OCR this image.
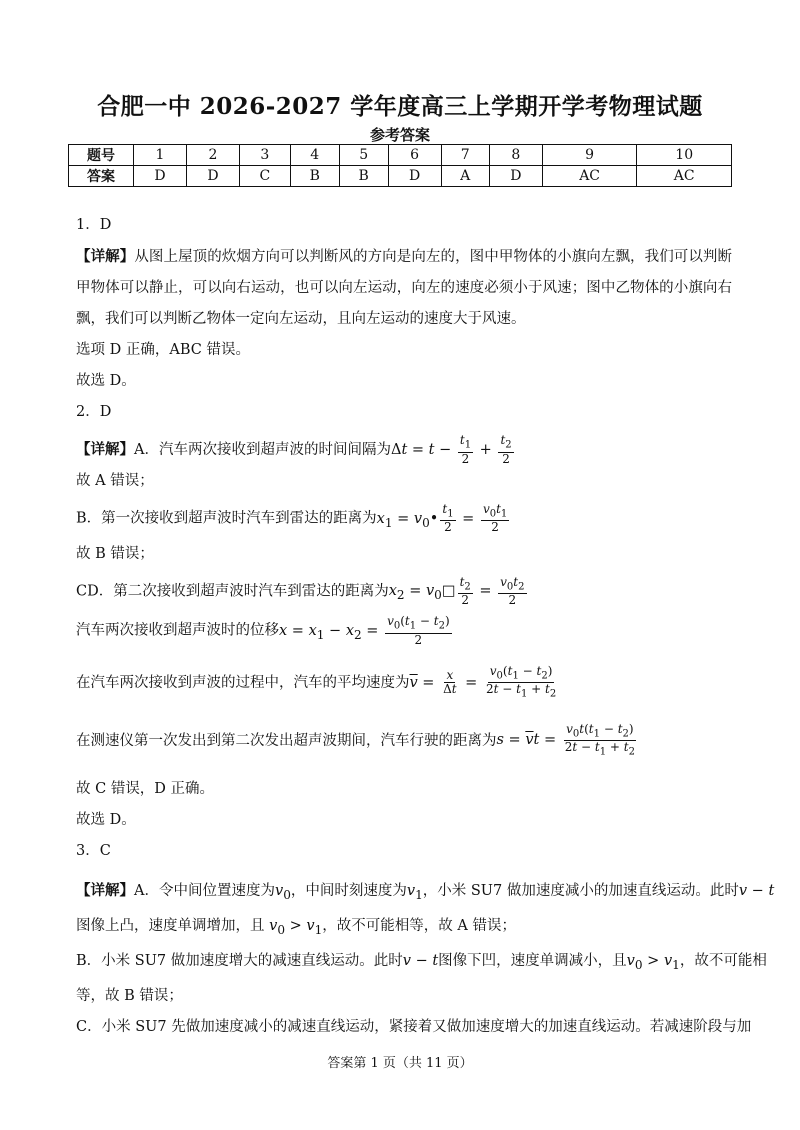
合肥一中 2026-2027 学年度高三上学期开学考物理试题
参考答案
题号	1	2	3	4	5	6	7	8	9	10
答案	D	D	C	B	B	D	A	D	AC	AC
1．D
【详解】从图上屋顶的炊烟方向可以判断风的方向是向左的，图中甲物体的小旗向左飘，我们可以判断甲物体可以静止，可以向右运动，也可以向左运动，向左的速度必须小于风速；图中乙物体的小旗向右飘，我们可以判断乙物体一定向左运动，且向左运动的速度大于风速。
选项 D 正确，ABC 错误。
故选 D。
2．D
【详解】A．汽车两次接收到超声波的时间间隔为$\Delta t = t - \frac{t_1}{2} + \frac{t_2}{2}$
故 A 错误；
B．第一次接收到超声波时汽车到雷达的距离为$x_1$ = $v_0• \frac{t_1}{2} = \frac{v_0t_1}{2}$
故 B 错误；
CD．第二次接收到超声波时汽车到雷达的距离为$x_2$ = $v_0□ \frac{t_2}{2} = \frac{v_0t_2}{2}$
汽车两次接收到超声波时的位移$x = x_1 - x_2 = \frac{v_0(t_1 - t_2)}{2}$
在汽车两次接收到声波的过程中，汽车的平均速度为$\overline{v} = \frac{x}{\Delta t} = \frac{v_0(t_1 - t_2)}{2t - t_1 + t_2}$
在测速仪第一次发出到第二次发出超声波期间，汽车行驶的距离为$s = \overline{v}t = \frac{v_0t(t_1 - t_2)}{2t - t_1 + t_2}$
故 C 错误，D 正确。
故选 D。
3．C
【详解】A．令中间位置速度为$v_0$，中间时刻速度为$v_1$，小米 SU7 做加速度减小的加速直线运动。此时v − t
图像上凸，速度单调增加，且 $v_0 > v_1$，故不可能相等，故 A 错误；
B．小米 SU7 做加速度增大的减速直线运动。此时v − t图像下凹，速度单调减小，且$v_0 > v_1$，故不可能相
等，故 B 错误；
C．小米 SU7 先做加速度减小的减速直线运动，紧接着又做加速度增大的加速直线运动。若减速阶段与加
答案第 1 页（共 11 页）
